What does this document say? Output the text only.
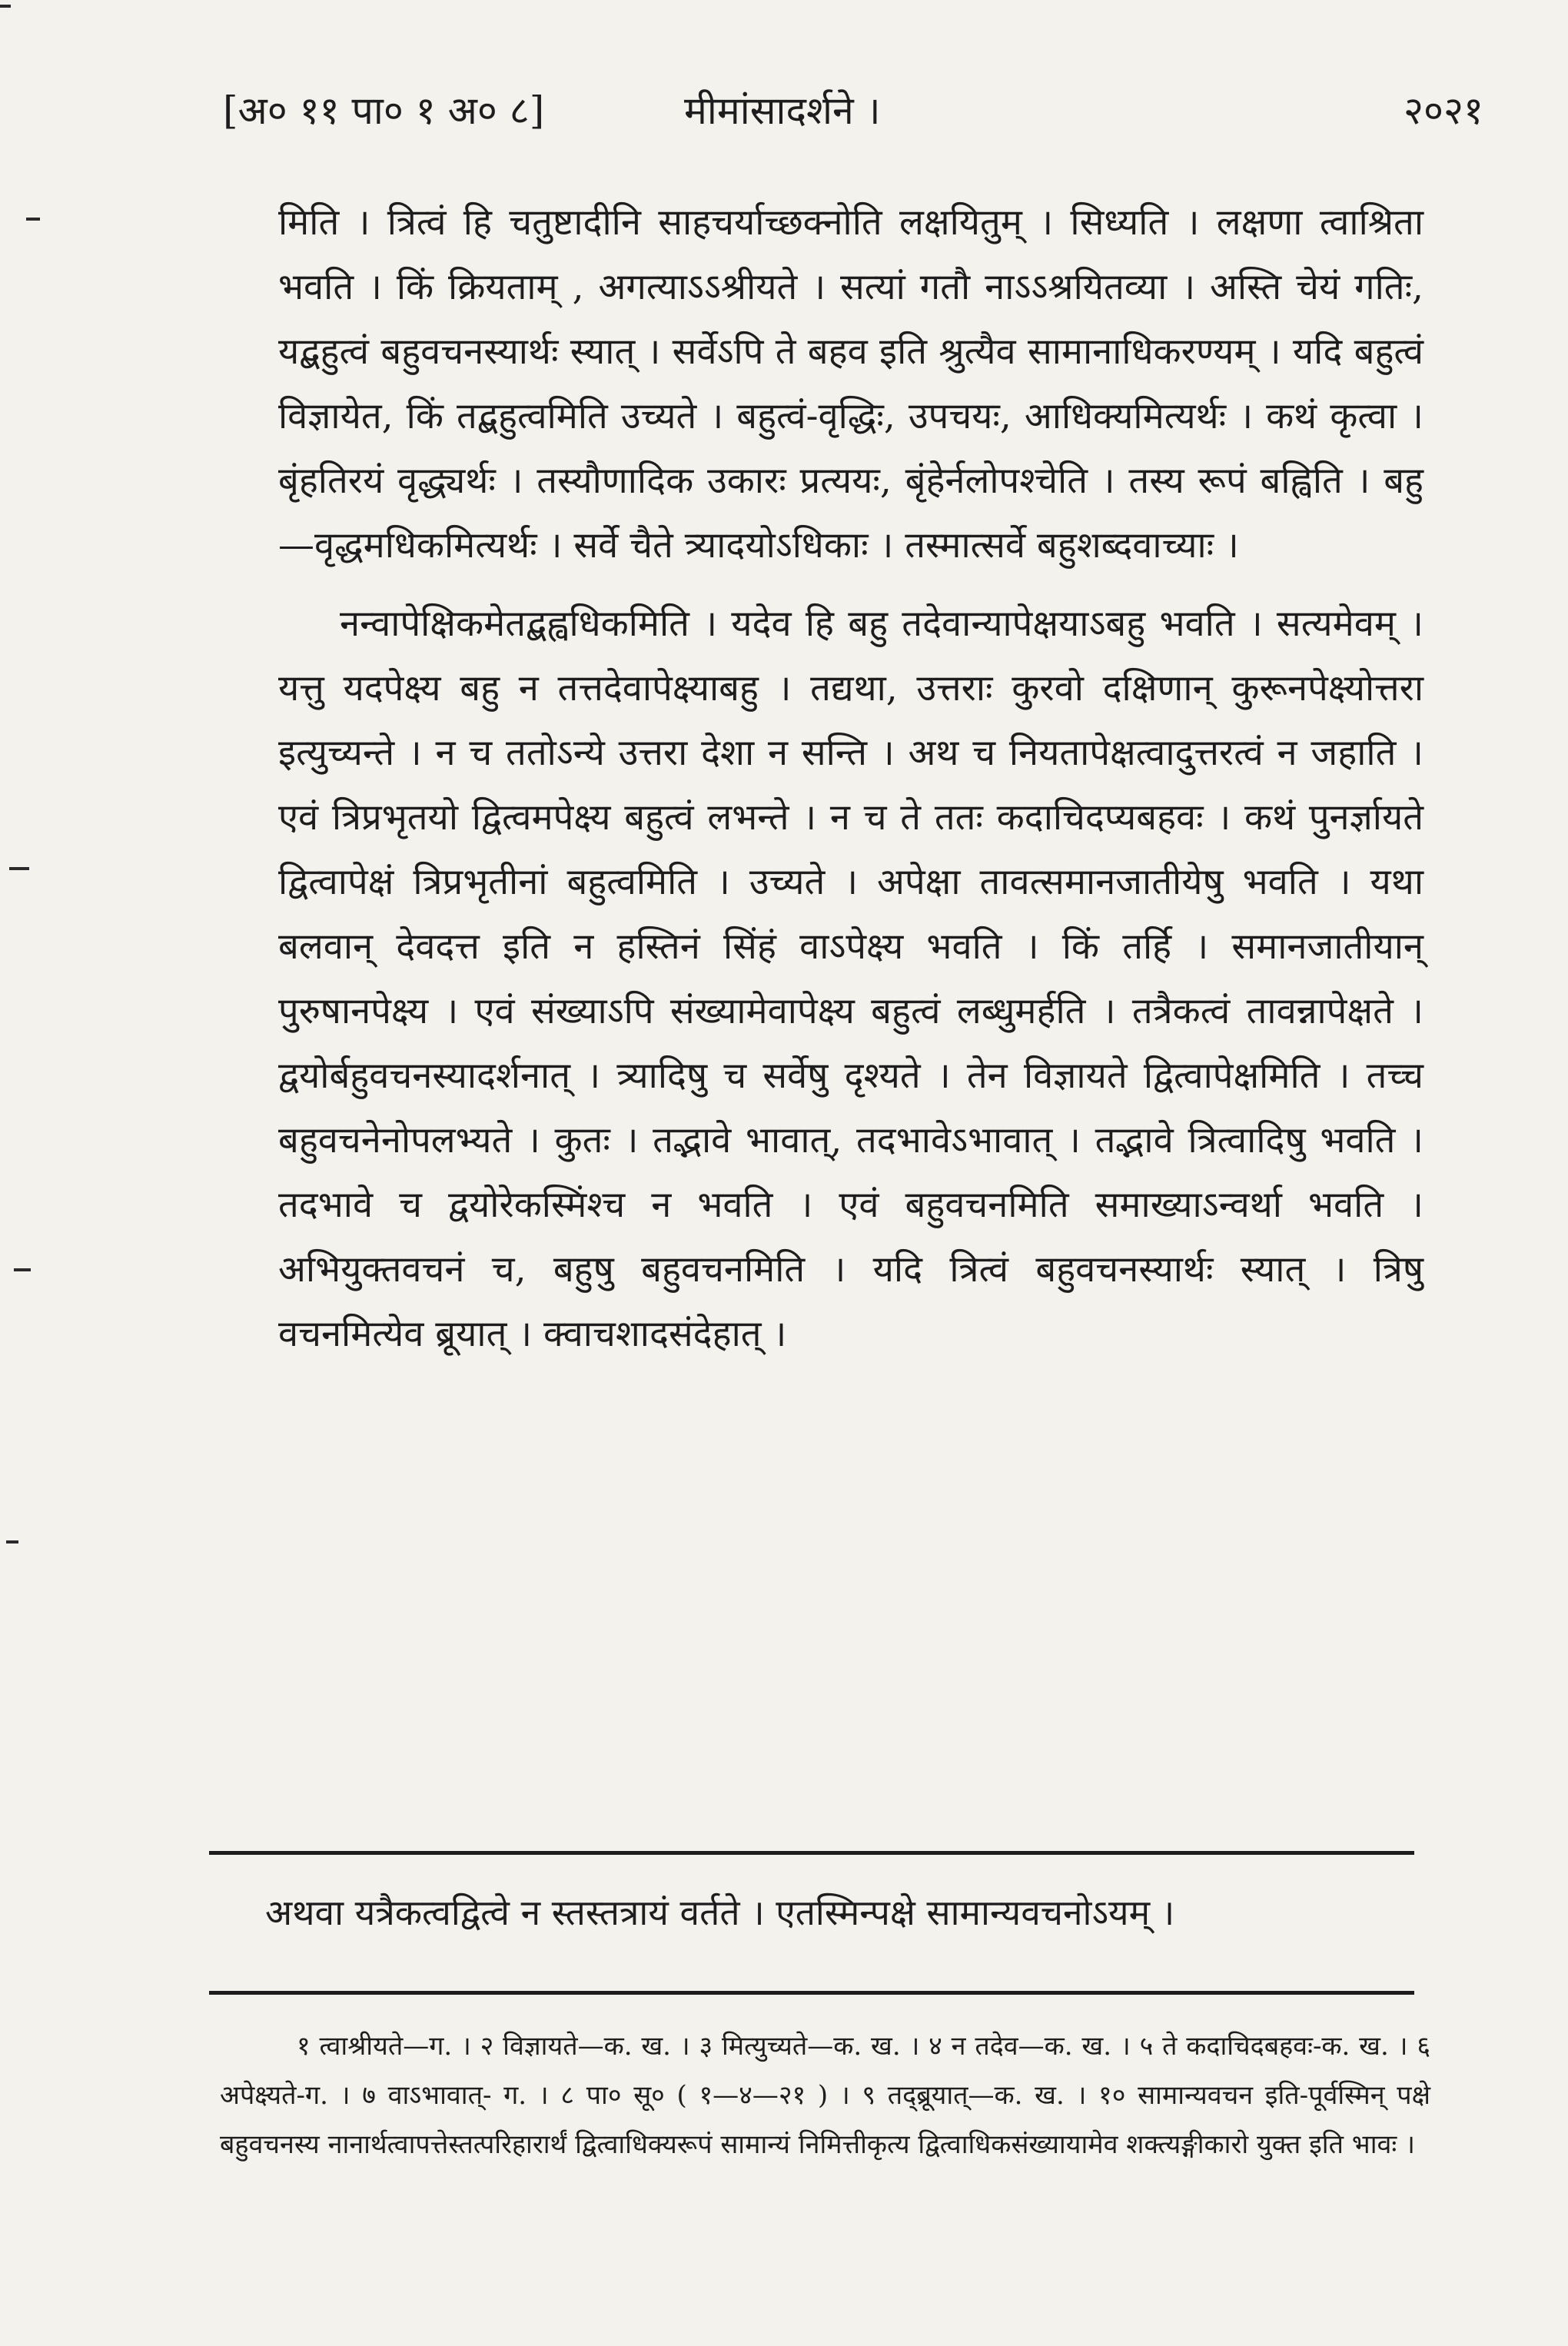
[अ० ११ पा० १ अ० ८]	मीमांसादर्शने ।	२०२१

मिति । त्रित्वं हि चतुष्टादीनि साहचर्याच्छक्नोति लक्षयितुम् । सिध्यति । लक्षणा त्वाश्रिता भवति । किं क्रियताम् , अगत्याऽऽश्रीयते । सत्यां गतौ नाऽऽश्रयितव्या । अस्ति चेयं गतिः, यद्बहुत्वं बहुवचनस्यार्थः स्यात् । सर्वेऽपि ते बहव इति श्रुत्यैव सामानाधिकरण्यम् । यदि बहुत्वं विज्ञायेत, किं तद्बहुत्वमिति उच्यते । बहुत्वं-वृद्धिः, उपचयः, आधिक्यमित्यर्थः । कथं कृत्वा । बृंहतिरयं वृद्ध्यर्थः । तस्यौणादिक उकारः प्रत्ययः, बृंहेर्नलोपश्चेति । तस्य रूपं बह्विति । बहु—वृद्धमधिकमित्यर्थः । सर्वे चैते त्र्यादयोऽधिकाः । तस्मात्सर्वे बहुशब्दवाच्याः ।

नन्वापेक्षिकमेतद्बह्वधिकमिति । यदेव हि बहु तदेवान्यापेक्षयाऽबहु भवति । सत्यमेवम् । यत्तु यदपेक्ष्य बहु न तत्तदेवापेक्ष्याबहु । तद्यथा, उत्तराः कुरवो दक्षिणान् कुरूनपेक्ष्योत्तरा इत्युच्यन्ते । न च ततोऽन्ये उत्तरा देशा न सन्ति । अथ च नियतापेक्षत्वादुत्तरत्वं न जहाति । एवं त्रिप्रभृतयो द्वित्वमपेक्ष्य बहुत्वं लभन्ते । न च ते ततः कदाचिदप्यबहवः । कथं पुनर्ज्ञायते द्वित्वापेक्षं त्रिप्रभृतीनां बहुत्वमिति । उच्यते । अपेक्षा तावत्समानजातीयेषु भवति । यथा बलवान् देवदत्त इति न हस्तिनं सिंहं वाऽपेक्ष्य भवति । किं तर्हि । समानजातीयान् पुरुषानपेक्ष्य । एवं संख्याऽपि संख्यामेवापेक्ष्य बहुत्वं लब्धुमर्हति । तत्रैकत्वं तावन्नापेक्षते । द्वयोर्बहुवचनस्यादर्शनात् । त्र्यादिषु च सर्वेषु दृश्यते । तेन विज्ञायते द्वित्वापेक्षमिति । तच्च बहुवचनेनोपलभ्यते । कुतः । तद्भावे भावात्, तदभावेऽभावात् । तद्भावे त्रित्वादिषु भवति । तदभावे च द्वयोरेकस्मिंश्च न भवति । एवं बहुवचनमिति समाख्याऽन्वर्था भवति । अभियुक्तवचनं च, बहुषु बहुवचनमिति । यदि त्रित्वं बहुवचनस्यार्थः स्यात् । त्रिषु वचनमित्येव ब्रूयात् । क्वाचशादसंदेहात् ।

अथवा यत्रैकत्वद्वित्वे न स्तस्तत्रायं वर्तते । एतस्मिन्पक्षे सामान्यवचनोऽयम् ।

१ त्वाश्रीयते—ग. । २ विज्ञायते—क. ख. । ३ मित्युच्यते—क. ख. । ४ न तदेव—क. ख. । ५ ते कदाचिदबहवः-क. ख. । ६ अपेक्ष्यते-ग. । ७ वाऽभावात्- ग. । ८ पा० सू० ( १—४—२१ ) । ९ तद्ब्रूयात्—क. ख. । १० सामान्यवचन इति-पूर्वस्मिन् पक्षे बहुवचनस्य नानार्थत्वापत्तेस्तत्परिहारार्थं द्वित्वाधिक्यरूपं सामान्यं निमित्तीकृत्य द्वित्वाधिकसंख्यायामेव शक्त्यङ्गीकारो युक्त इति भावः ।
